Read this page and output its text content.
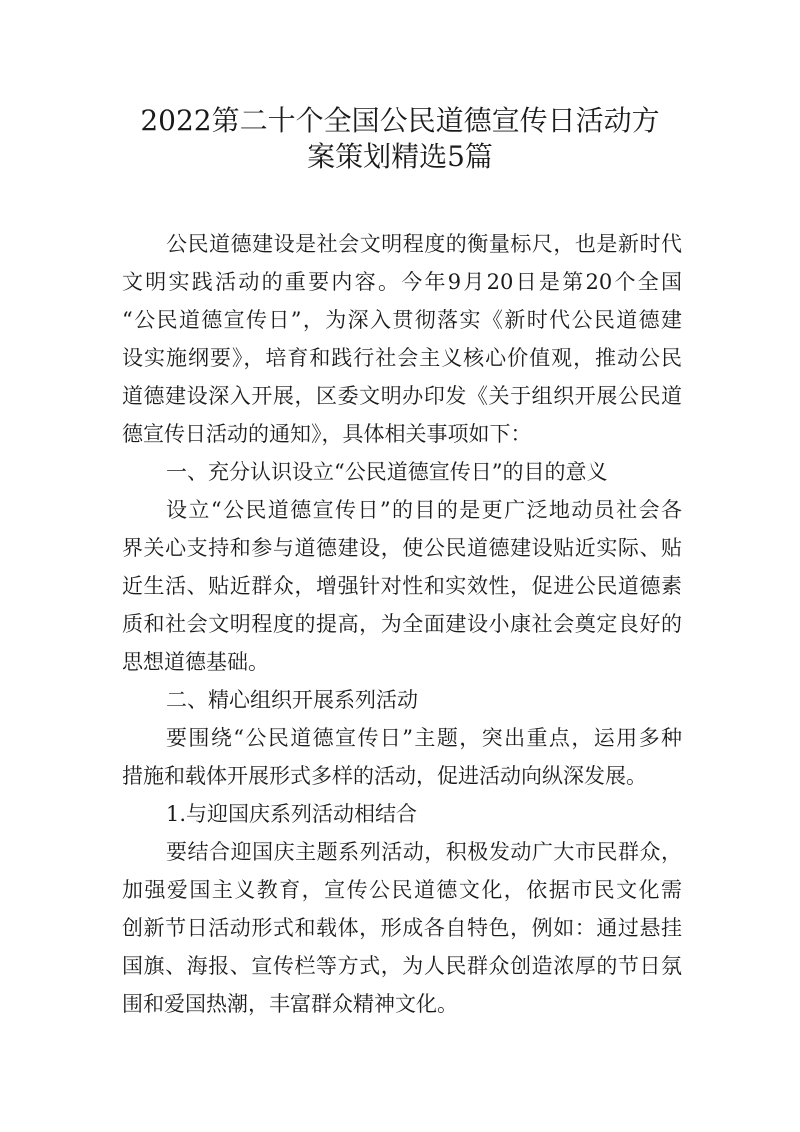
2022第二十个全国公民道德宣传日活动方
案策划精选5篇
公民道德建设是社会文明程度的衡量标尺，也是新时代
文明实践活动的重要内容。今年9月20日是第20个全国
“公民道德宣传日”，为深入贯彻落实《新时代公民道德建
设实施纲要》，培育和践行社会主义核心价值观，推动公民
道德建设深入开展，区委文明办印发《关于组织开展公民道
德宣传日活动的通知》，具体相关事项如下：
一、充分认识设立“公民道德宣传日”的目的意义
设立“公民道德宣传日”的目的是更广泛地动员社会各
界关心支持和参与道德建设，使公民道德建设贴近实际、贴
近生活、贴近群众，增强针对性和实效性，促进公民道德素
质和社会文明程度的提高，为全面建设小康社会奠定良好的
思想道德基础。
二、精心组织开展系列活动
要围绕“公民道德宣传日”主题，突出重点，运用多种
措施和载体开展形式多样的活动，促进活动向纵深发展。
1.与迎国庆系列活动相结合
要结合迎国庆主题系列活动，积极发动广大市民群众，
加强爱国主义教育，宣传公民道德文化，依据市民文化需
创新节日活动形式和载体，形成各自特色，例如：通过悬挂
国旗、海报、宣传栏等方式，为人民群众创造浓厚的节日氛
围和爱国热潮，丰富群众精神文化。
